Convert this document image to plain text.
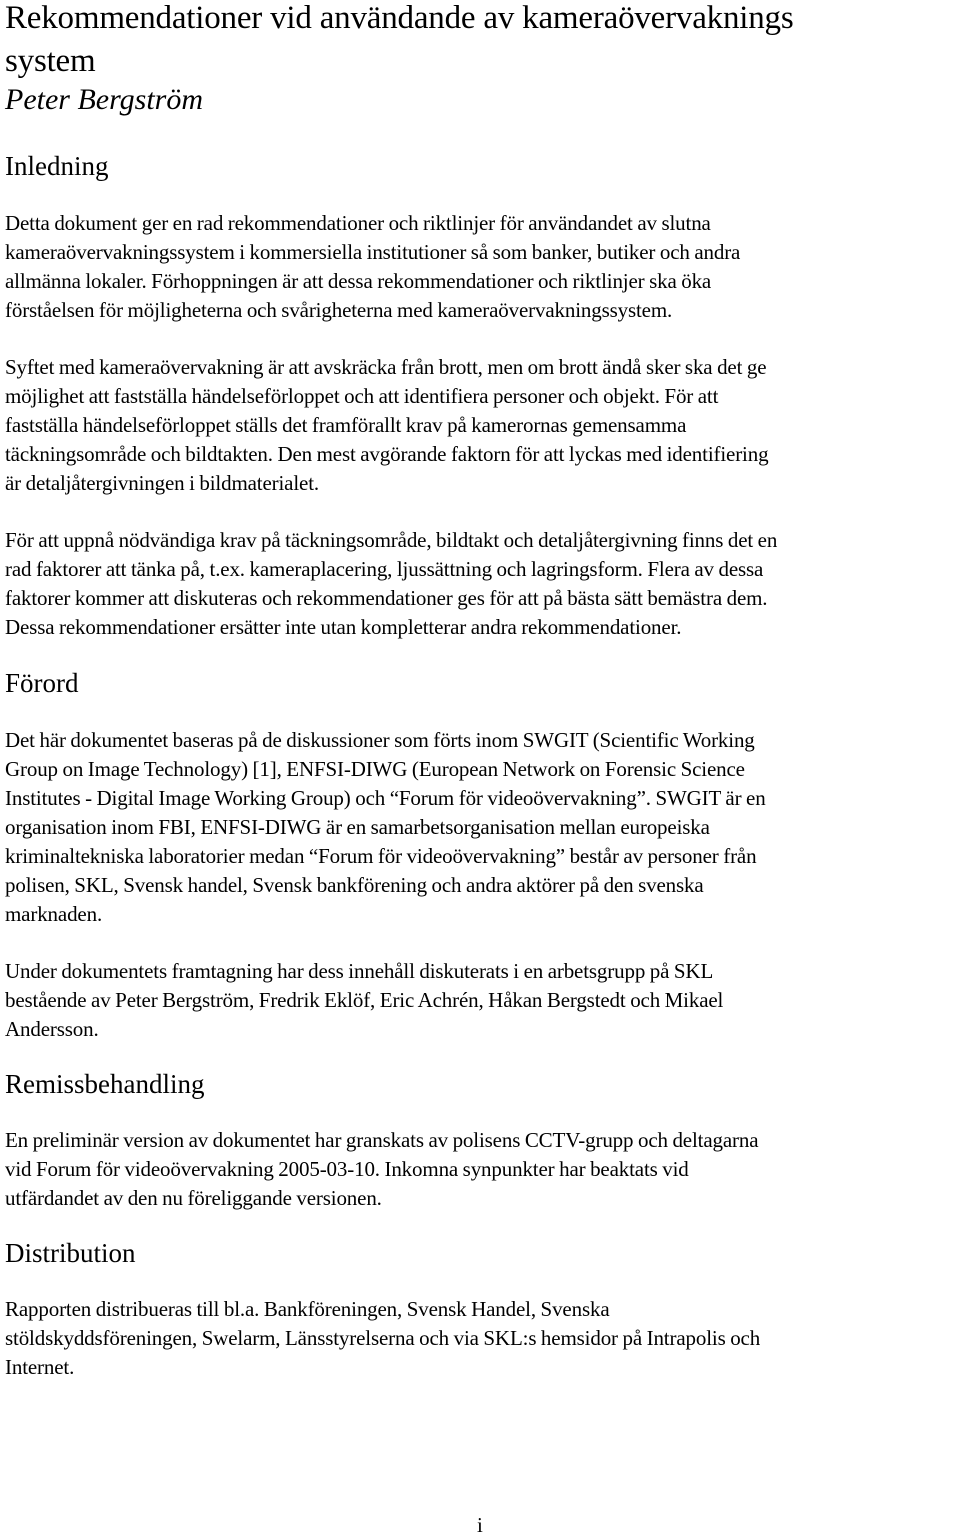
Rekommendationer vid användande av kameraövervaknings
system

Peter Bergström

Inledning

Detta dokument ger en rad rekommendationer och riktlinjer för användandet av slutna
kameraövervakningssystem i kommersiella institutioner så som banker, butiker och andra
allmänna lokaler. Förhoppningen är att dessa rekommendationer och riktlinjer ska öka
förståelsen för möjligheterna och svårigheterna med kameraövervakningssystem.

Syftet med kameraövervakning är att avskräcka från brott, men om brott ändå sker ska det ge
möjlighet att fastställa händelseförloppet och att identifiera personer och objekt. För att
fastställa händelseförloppet ställs det framförallt krav på kamerornas gemensamma
täckningsområde och bildtakten. Den mest avgörande faktorn för att lyckas med identifiering
är detaljåtergivningen i bildmaterialet.

För att uppnå nödvändiga krav på täckningsområde, bildtakt och detaljåtergivning finns det en
rad faktorer att tänka på, t.ex. kameraplacering, ljussättning och lagringsform. Flera av dessa
faktorer kommer att diskuteras och rekommendationer ges för att på bästa sätt bemästra dem.
Dessa rekommendationer ersätter inte utan kompletterar andra rekommendationer.

Förord

Det här dokumentet baseras på de diskussioner som förts inom SWGIT (Scientific Working
Group on Image Technology) [1], ENFSI-DIWG (European Network on Forensic Science
Institutes - Digital Image Working Group) och “Forum för videoövervakning”. SWGIT är en
organisation inom FBI, ENFSI-DIWG är en samarbetsorganisation mellan europeiska
kriminaltekniska laboratorier medan “Forum för videoövervakning” består av personer från
polisen, SKL, Svensk handel, Svensk bankförening och andra aktörer på den svenska
marknaden.

Under dokumentets framtagning har dess innehåll diskuterats i en arbetsgrupp på SKL
bestående av Peter Bergström, Fredrik Eklöf, Eric Achrén, Håkan Bergstedt och Mikael
Andersson.

Remissbehandling

En preliminär version av dokumentet har granskats av polisens CCTV-grupp och deltagarna
vid Forum för videoövervakning 2005-03-10. Inkomna synpunkter har beaktats vid
utfärdandet av den nu föreliggande versionen.

Distribution

Rapporten distribueras till bl.a. Bankföreningen, Svensk Handel, Svenska
stöldskyddsföreningen, Swelarm, Länsstyrelserna och via SKL:s hemsidor på Intrapolis och
Internet.

i
